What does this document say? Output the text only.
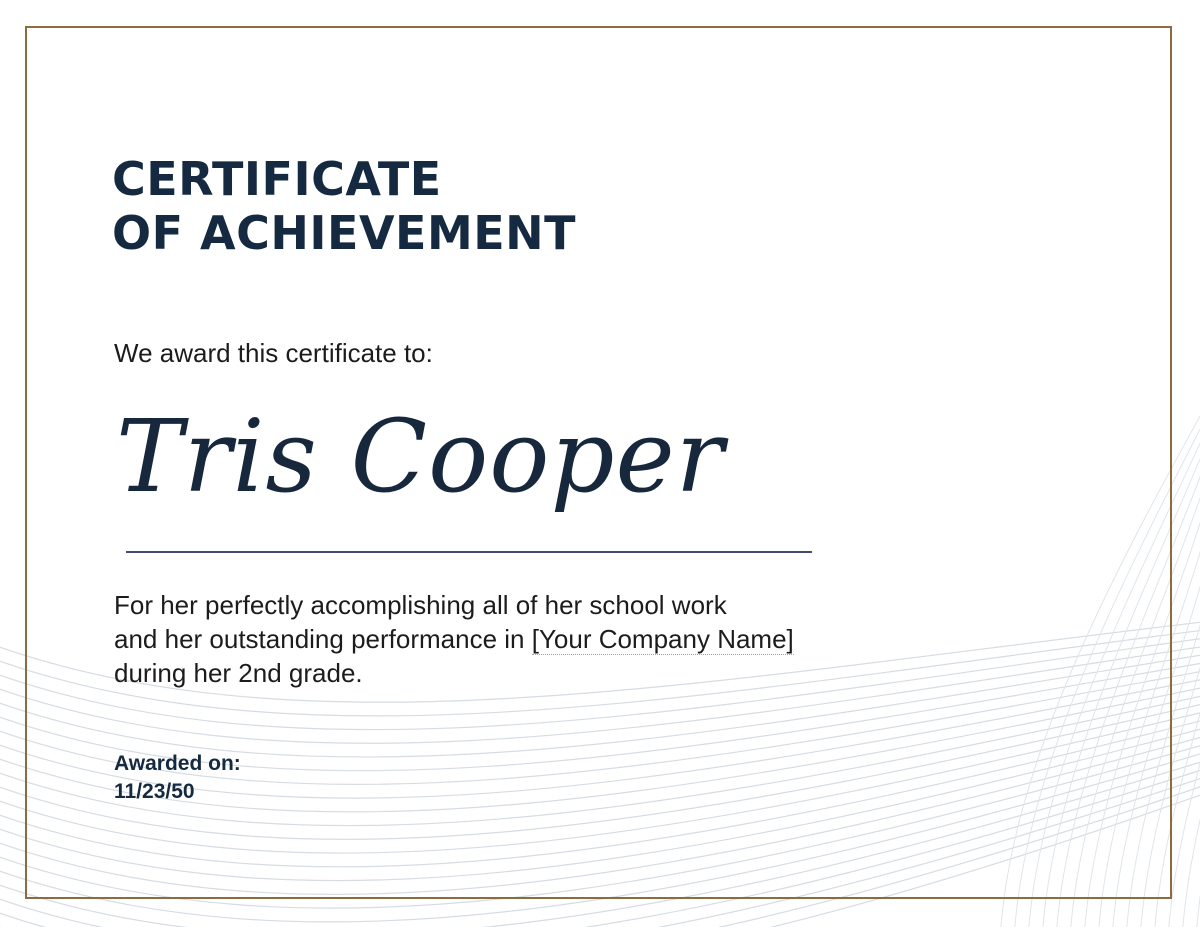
CERTIFICATE
OF ACHIEVEMENT
We award this certificate to:
Tris Cooper
For her perfectly accomplishing all of her school work
and her outstanding performance in [Your Company Name]
during her 2nd grade.
Awarded on:
11/23/50
